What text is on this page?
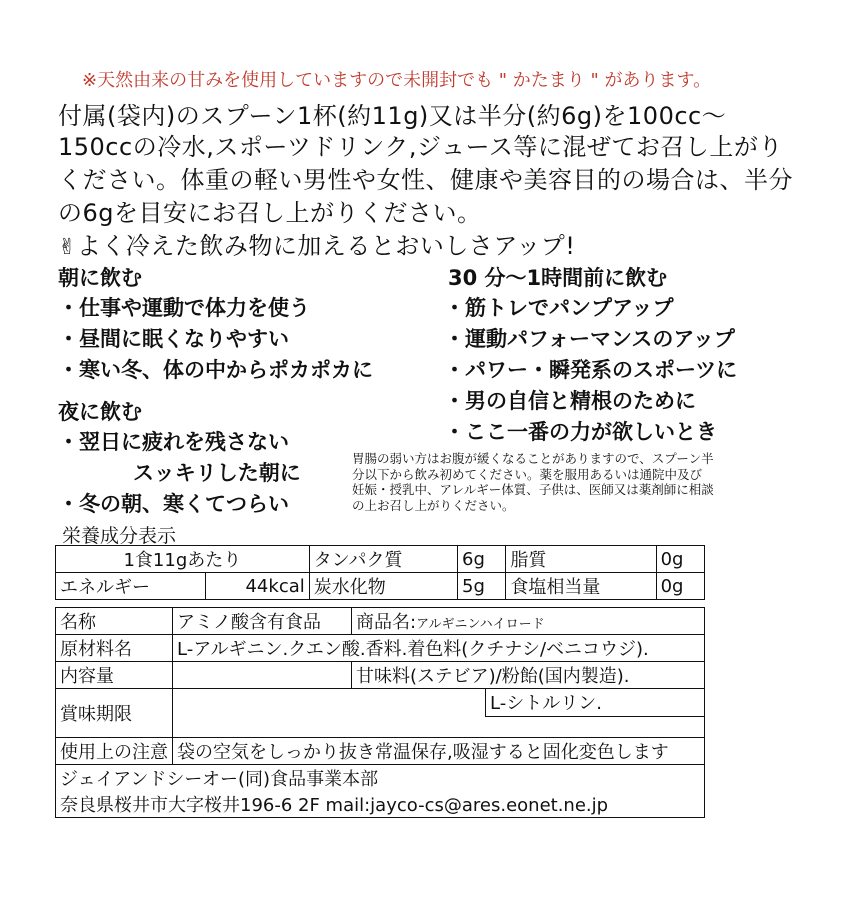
※天然由来の甘みを使用していますので未開封でも " かたまり " があります。
付属(袋内)のスプーン1杯(約11g)又は半分(約6g)を100cc〜
150ccの冷水,スポーツドリンク,ジュース等に混ぜてお召し上がり
ください。体重の軽い男性や女性、健康や美容目的の場合は、半分
の6gを目安にお召し上がりください。
✌よく冷えた飲み物に加えるとおいしさアップ!
朝に飲む
・仕事や運動で体力を使う
・昼間に眠くなりやすい
・寒い冬、体の中からポカポカに
夜に飲む
・翌日に疲れを残さない
スッキリした朝に
・冬の朝、寒くてつらい
30 分〜1時間前に飲む
・筋トレでパンプアップ
・運動パフォーマンスのアップ
・パワー・瞬発系のスポーツに
・男の自信と精根のために
・ここ一番の力が欲しいとき
胃腸の弱い方はお腹が緩くなることがありますので、スプーン半分以下から飲み初めてください。薬を服用あるいは通院中及び妊娠・授乳中、アレルギー体質、子供は、医師又は薬剤師に相談の上お召し上がりください。
栄養成分表示
1食11gあたり		タンパク質	6g	脂質	0g
エネルギー	44kcal	炭水化物	5g	食塩相当量	0g
名称	アミノ酸含有食品	商品名:アルギニンハイロード	
原材料名	L-アルギニン.クエン酸.香料.着色料(クチナシ/ベニコウジ).		
内容量		甘味料(ステビア)/粉飴(国内製造).	
賞味期限			L-シトルリン.

使用上の注意	袋の空気をしっかり抜き常温保存,吸湿すると固化変色します		
ジェイアンドシーオー(同)食品事業本部			
奈良県桜井市大字桜井196-6 2F mail:jayco-cs@ares.eonet.ne.jp			
